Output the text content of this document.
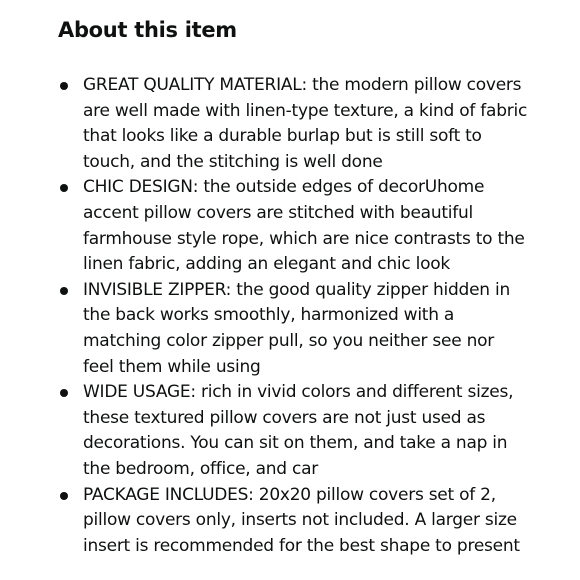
About this item
GREAT QUALITY MATERIAL: the modern pillow covers are well made with linen-type texture, a kind of fabric that looks like a durable burlap but is still soft to touch, and the stitching is well done
CHIC DESIGN: the outside edges of decorUhome accent pillow covers are stitched with beautiful farmhouse style rope, which are nice contrasts to the linen fabric, adding an elegant and chic look
INVISIBLE ZIPPER: the good quality zipper hidden in the back works smoothly, harmonized with a matching color zipper pull, so you neither see nor feel them while using
WIDE USAGE: rich in vivid colors and different sizes, these textured pillow covers are not just used as decorations. You can sit on them, and take a nap in the bedroom, office, and car
PACKAGE INCLUDES: 20x20 pillow covers set of 2, pillow covers only, inserts not included. A larger size insert is recommended for the best shape to present
